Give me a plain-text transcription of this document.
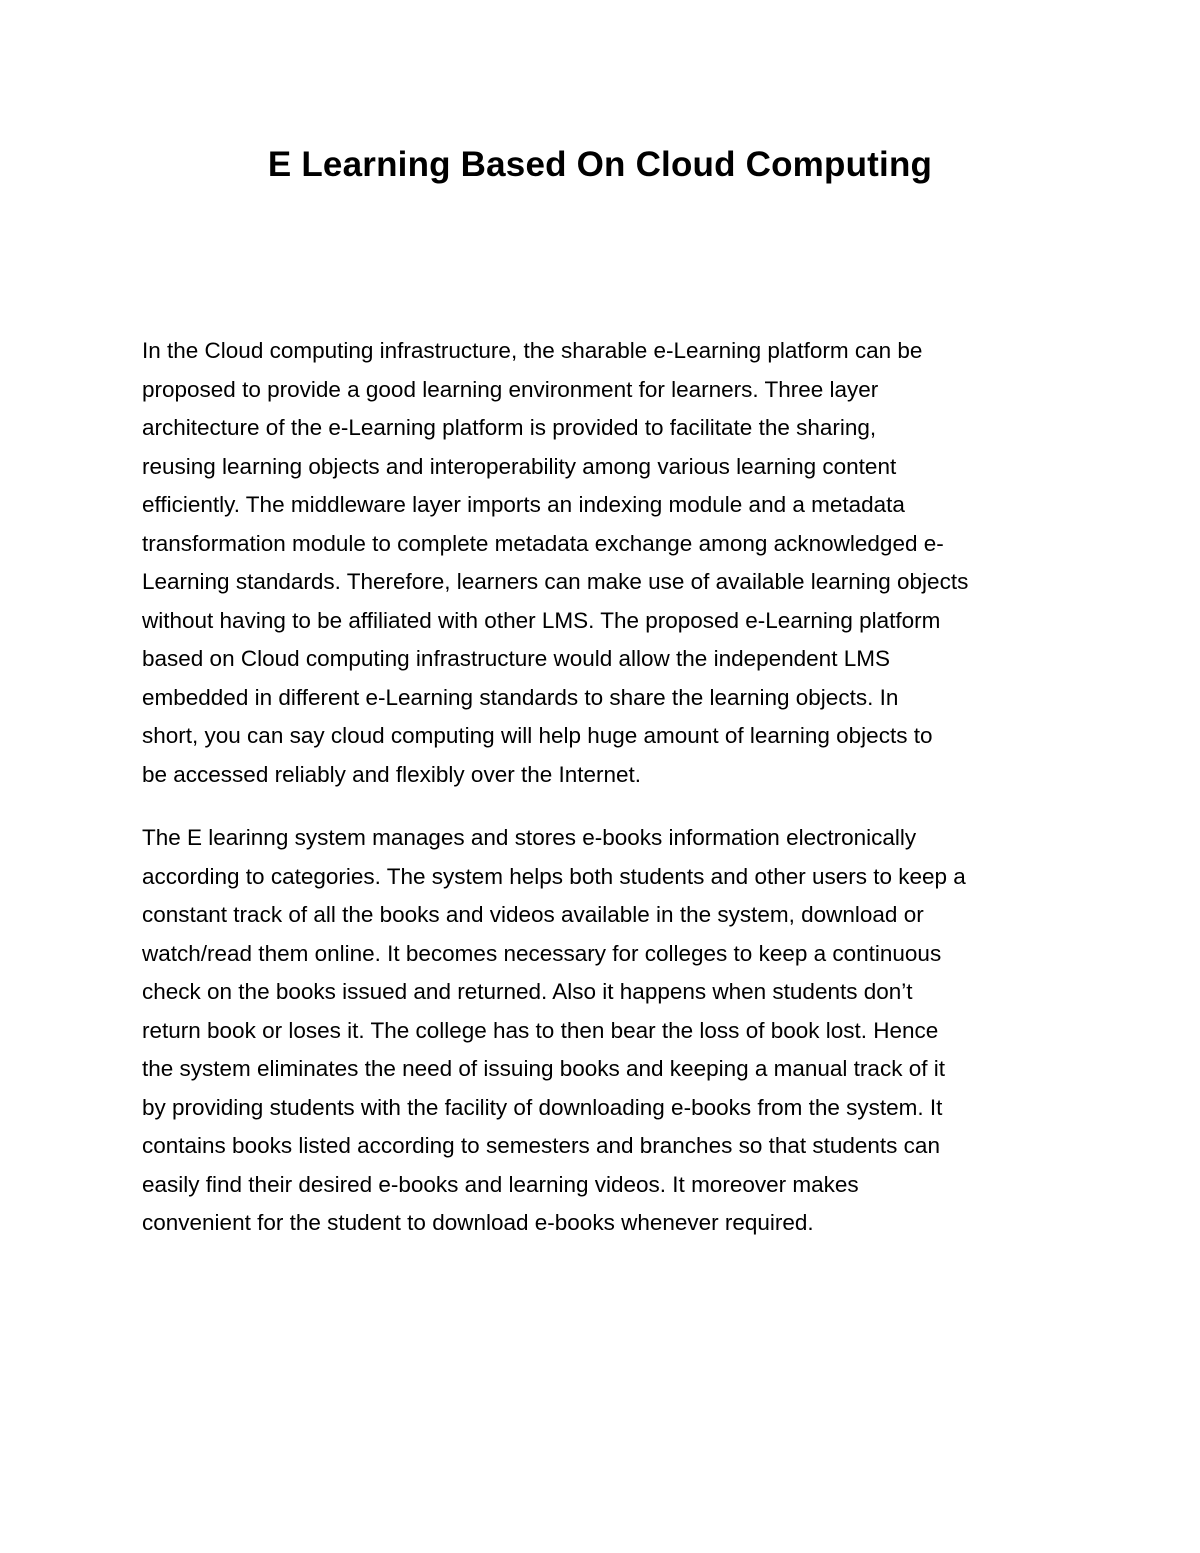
E Learning Based On Cloud Computing

In the Cloud computing infrastructure, the sharable e-Learning platform can be
proposed to provide a good learning environment for learners. Three layer
architecture of the e-Learning platform is provided to facilitate the sharing,
reusing learning objects and interoperability among various learning content
efficiently. The middleware layer imports an indexing module and a metadata
transformation module to complete metadata exchange among acknowledged e-
Learning standards. Therefore, learners can make use of available learning objects
without having to be affiliated with other LMS. The proposed e-Learning platform
based on Cloud computing infrastructure would allow the independent LMS
embedded in different e-Learning standards to share the learning objects. In
short, you can say cloud computing will help huge amount of learning objects to
be accessed reliably and flexibly over the Internet.

The E learinng system manages and stores e-books information electronically
according to categories. The system helps both students and other users to keep a
constant track of all the books and videos available in the system, download or
watch/read them online. It becomes necessary for colleges to keep a continuous
check on the books issued and returned. Also it happens when students don’t
return book or loses it. The college has to then bear the loss of book lost. Hence
the system eliminates the need of issuing books and keeping a manual track of it
by providing students with the facility of downloading e-books from the system. It
contains books listed according to semesters and branches so that students can
easily find their desired e-books and learning videos. It moreover makes
convenient for the student to download e-books whenever required.
